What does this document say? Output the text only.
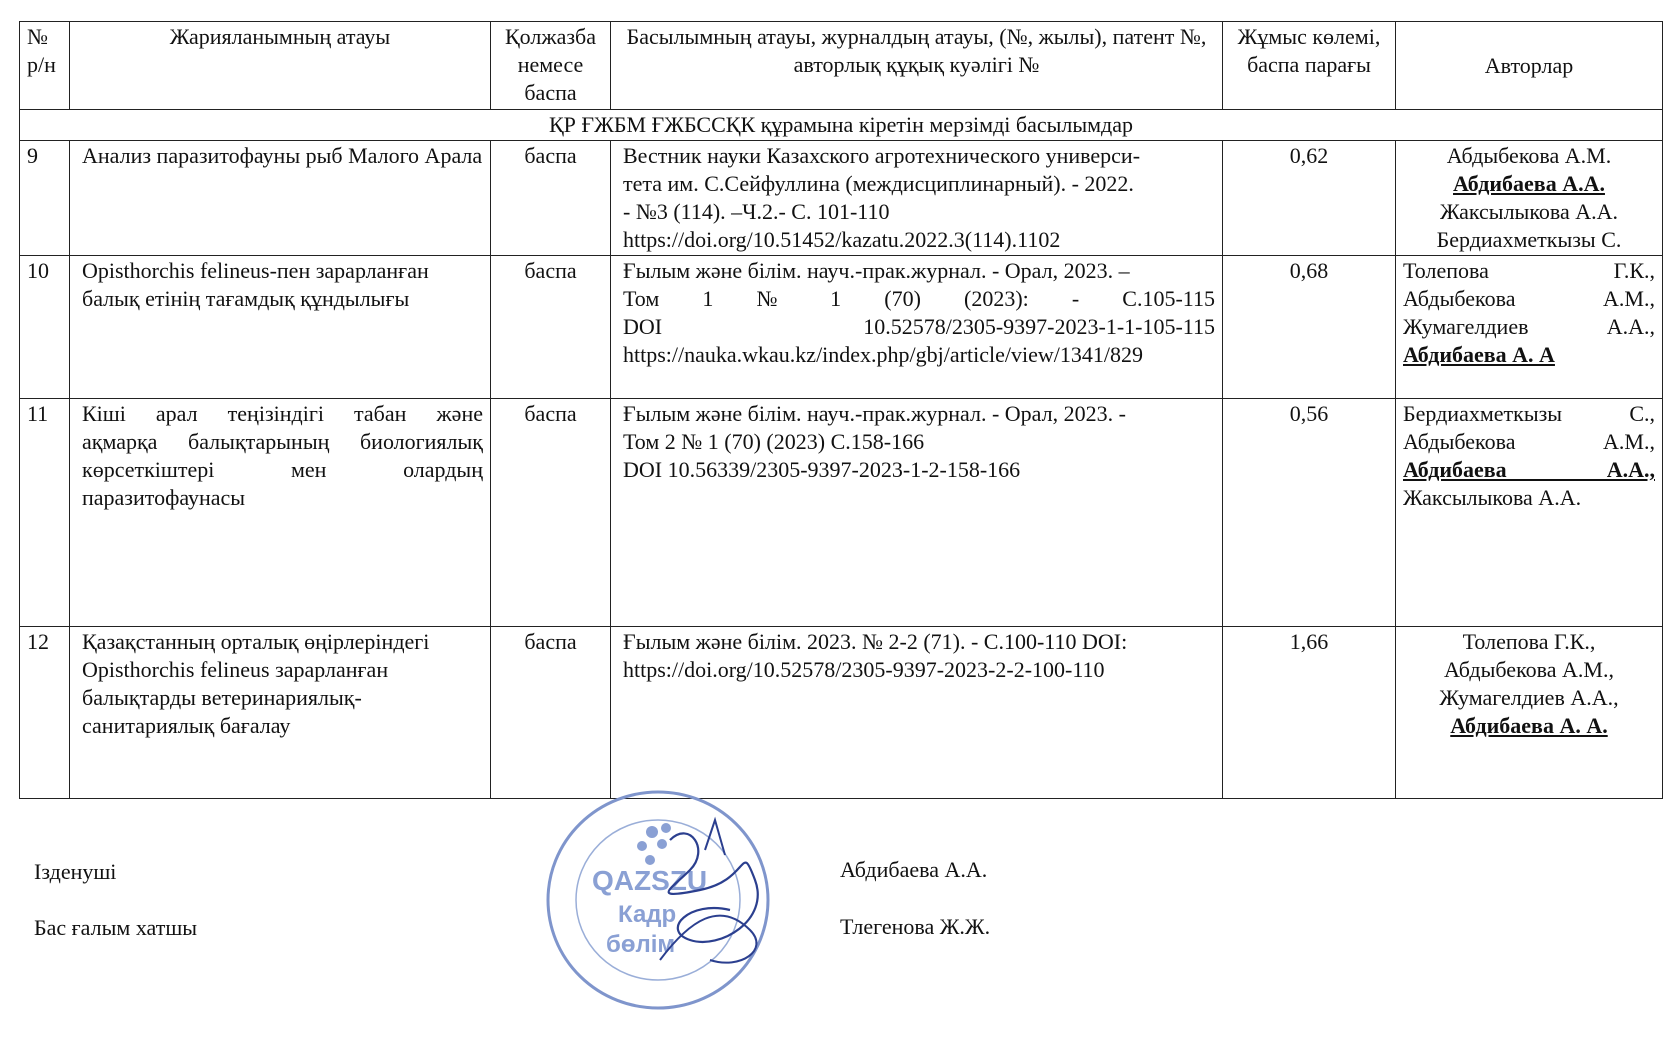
№ р/н	Жарияланымның атауы	Қолжазба немесе баспа	Басылымның атауы, журналдың атауы, (№, жылы), патент №, авторлық құқық куәлігі №	Жұмыс көлемі, баспа парағы	Авторлар
ҚР ҒЖБМ ҒЖБССҚК құрамына кіретін мерзімді басылымдар					
9	Анализ паразитофауны рыб Малого Арала	баспа	Вестник науки Казахского агротехнического универси-
тета им. С.Сейфуллина (междисциплинарный). - 2022.
- №3 (114). –Ч.2.- С. 101-110
https://doi.org/10.51452/kazatu.2022.3(114).1102	0,62	Абдыбекова А.М.
Абдибаева А.А.
Жаксылыкова А.А.
Бердиахметкызы С.

10	Opisthorchis felineus-пен зарарланған балық етінің тағамдық құндылығы	баспа	Ғылым және білім. науч.-прак.журнал. - Орал, 2023. –
Том 1 № 1 (70) (2023): - С.105-115
DOI 10.52578/2305-9397-2023-1-1-105-115
https://nauka.wkau.kz/index.php/gbj/article/view/1341/829	0,68	Толепова Г.К.,
Абдыбекова А.М.,
Жумагелдиев А.А.,
Абдибаева А. А

11	Кіші арал теңізіндігі табан және ақмарқа балықтарының биологиялық көрсеткіштері мен олардың паразитофаунасы	баспа	Ғылым және білім. науч.-прак.журнал. - Орал, 2023. -
Том 2 № 1 (70) (2023) С.158-166
DOI 10.56339/2305-9397-2023-1-2-158-166	0,56	Бердиахметкызы С.,
Абдыбекова А.М.,
Абдибаева А.А.,
Жаксылыкова А.А.

12	Қазақстанның орталық өңірлеріндегі Opisthorchis felineus зарарланған балықтарды ветеринариялық-санитариялық бағалау	баспа	Ғылым және білім. 2023. № 2-2 (71). - С.100-110 DOI:
https://doi.org/10.52578/2305-9397-2023-2-2-100-110	1,66	Толепова Г.К.,
Абдыбекова А.М.,
Жумагелдиев А.А.,
Абдибаева А. А.
QAZSZU
Кадр
бөлім
Ізденуші	Абдибаева А.А.
Бас ғалым хатшы	Тлегенова Ж.Ж.
